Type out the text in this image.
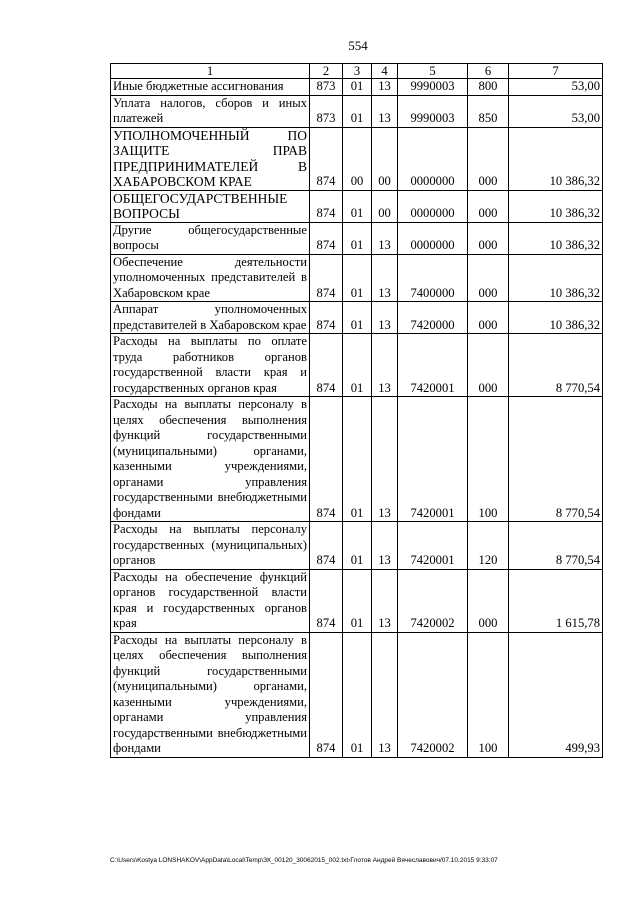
554
1	2	3	4	5	6	7
Иные бюджетные ассигнования	873	01	13	9990003	800	53,00
Уплата налогов, сборов и иных платежей	873	01	13	9990003	850	53,00
УПОЛНОМОЧЕННЫЙ ПО ЗАЩИТЕ ПРАВ ПРЕДПРИНИМАТЕЛЕЙ В ХАБАРОВСКОМ КРАЕ	874	00	00	0000000	000	10 386,32
ОБЩЕГОСУДАРСТВЕННЫЕ ВОПРОСЫ	874	01	00	0000000	000	10 386,32
Другие общегосударственные вопросы	874	01	13	0000000	000	10 386,32
Обеспечение деятельности уполномоченных представителей в Хабаровском крае	874	01	13	7400000	000	10 386,32
Аппарат уполномоченных представителей в Хабаровском крае	874	01	13	7420000	000	10 386,32
Расходы на выплаты по оплате труда работников органов государственной власти края и государственных органов края	874	01	13	7420001	000	8 770,54
Расходы на выплаты персоналу в целях обеспечения выполнения функций государственными (муниципальными) органами, казенными учреждениями, органами управления государственными внебюджетными фондами	874	01	13	7420001	100	8 770,54
Расходы на выплаты персоналу государственных (муниципальных) органов	874	01	13	7420001	120	8 770,54
Расходы на обеспечение функций органов государственной власти края и государственных органов края	874	01	13	7420002	000	1 615,78
Расходы на выплаты персоналу в целях обеспечения выполнения функций государственными (муниципальными) органами, казенными учреждениями, органами управления государственными внебюджетными фондами	874	01	13	7420002	100	499,93
C:\Users\Kostya LONSHAKOV\AppData\Local\Temp\ЗК_00120_30062015_002.txt›Глотов Андрей Вячеславович/07.10.2015 9:33:07
